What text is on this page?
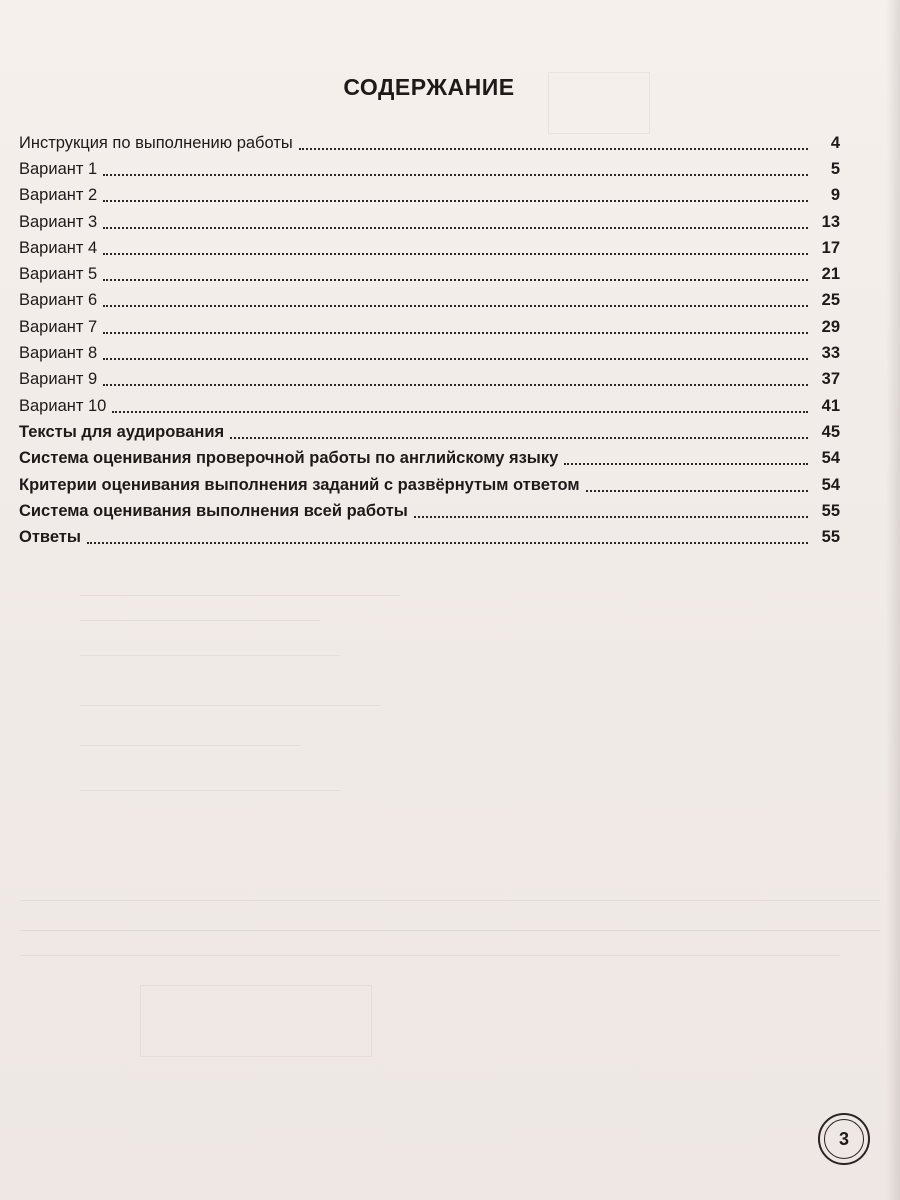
СОДЕРЖАНИЕ
Инструкция по выполнению работы	4
Вариант 1	5
Вариант 2	9
Вариант 3	13
Вариант 4	17
Вариант 5	21
Вариант 6	25
Вариант 7	29
Вариант 8	33
Вариант 9	37
Вариант 10	41
Тексты для аудирования	45
Система оценивания проверочной работы по английскому языку	54
Критерии оценивания выполнения заданий с развёрнутым ответом	54
Система оценивания выполнения всей работы	55
Ответы	55
3
